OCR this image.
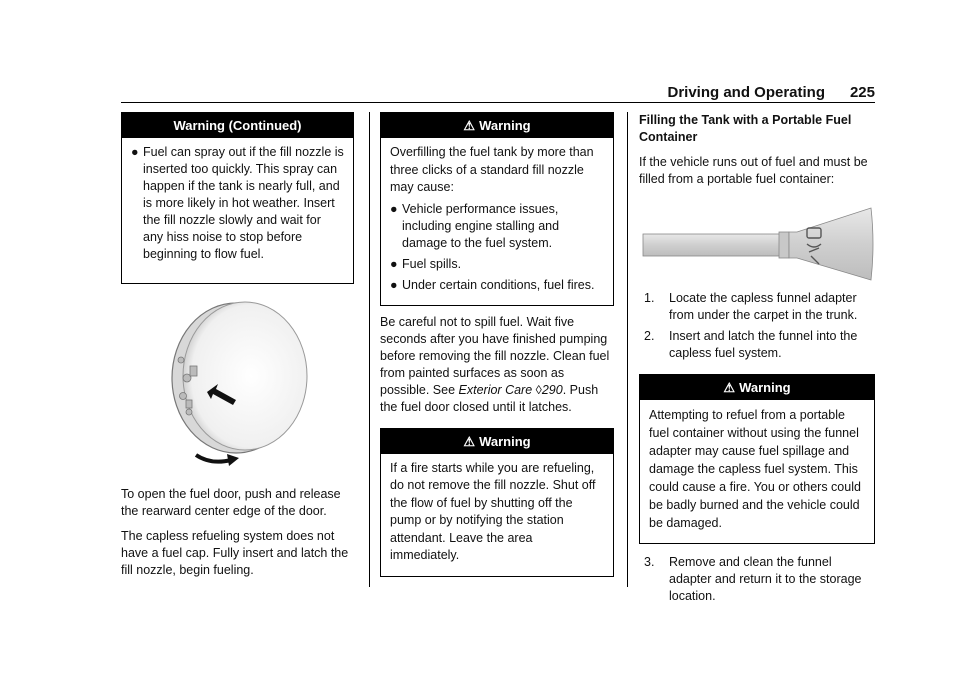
Driving and Operating 225
Warning (Continued)
● Fuel can spray out if the fill nozzle is inserted too quickly. This spray can happen if the tank is nearly full, and is more likely in hot weather. Insert the fill nozzle slowly and wait for any hiss noise to stop before beginning to flow fuel.

To open the fuel door, push and release the rearward center edge of the door.

The capless refueling system does not have a fuel cap. Fully insert and latch the fill nozzle, begin fueling.

⚠ Warning

Overfilling the fuel tank by more than three clicks of a standard fill nozzle may cause:

● Vehicle performance issues, including engine stalling and damage to the fuel system.
● Fuel spills.
● Under certain conditions, fuel fires.

Be careful not to spill fuel. Wait five seconds after you have finished pumping before removing the fill nozzle. Clean fuel from painted surfaces as soon as possible. See Exterior Care ◊290. Push the fuel door closed until it latches.

⚠ Warning

If a fire starts while you are refueling, do not remove the fill nozzle. Shut off the flow of fuel by shutting off the pump or by notifying the station attendant. Leave the area immediately.

Filling the Tank with a Portable Fuel Container

If the vehicle runs out of fuel and must be filled from a portable fuel container:

1. Locate the capless funnel adapter from under the carpet in the trunk.
2. Insert and latch the funnel into the capless fuel system.
⚠ Warning

Attempting to refuel from a portable fuel container without using the funnel adapter may cause fuel spillage and damage the capless fuel system. This could cause a fire. You or others could be badly burned and the vehicle could be damaged.

3. Remove and clean the funnel adapter and return it to the storage location.
